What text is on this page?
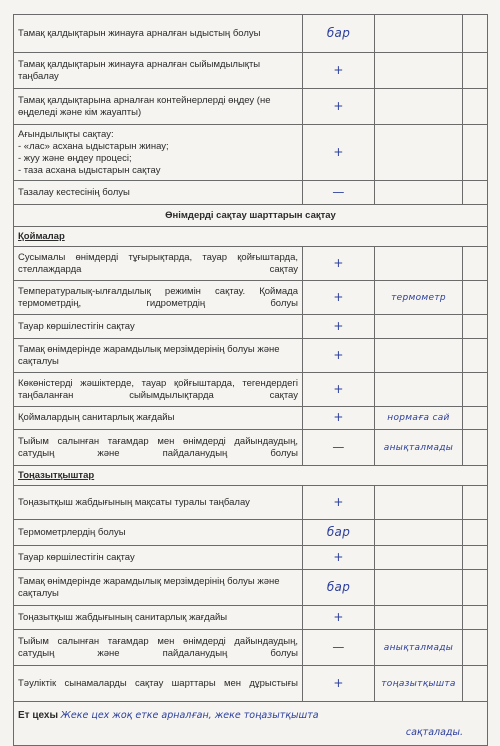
Тамақ қалдықтарын жинауға арналған ыдыстың болуы	бар		
Тамақ қалдықтарын жинауға арналған сыйымдылықты таңбалау	+		
Тамақ қалдықтарына арналған контейнерлерді өңдеу (не өңделеді және кім жауапты)	+		

Ағындылықты сақтау:
- «лас» асхана ыдыстарын жинау;
- жуу және өңдеу процесі;
- таза асхана ыдыстарын сақтау	+		
Тазалау кестесінің болуы	—		
Өнімдерді сақтау шарттарын сақтау			
Қоймалар			
Сусымалы өнімдерді тұғырықтарда, тауар қойғыштарда, стеллаждарда сақтау	+		
Температуралық-ылғалдылық режимін сақтау. Қоймада термометрдің, гидрометрдің болуы	+	термометр	
Тауар көршілестігін сақтау	+		
Тамақ өнімдерінде жарамдылық мерзімдерінің болуы және сақталуы	+		
Көкөністерді жәшіктерде, тауар қойғыштарда, тегендердегі таңбаланған сыйымдылықтарда сақтау	+		
Қоймалардың санитарлық жағдайы	+	нормаға сай	
Тыйым салынған тағамдар мен өнімдерді дайындаудың, сатудың және пайдаланудың болуы	—	анықталмады	
Тоңазытқыштар			
Тоңазытқыш жабдығының мақсаты туралы таңбалау	+		
Термометрлердің болуы	бар		
Тауар көршілестігін сақтау	+		
Тамақ өнімдерінде жарамдылық мерзімдерінің болуы және сақталуы	бар		
Тоңазытқыш жабдығының санитарлық жағдайы	+		
Тыйым салынған тағамдар мен өнімдерді дайындаудың, сатудың және пайдаланудың болуы	—	анықталмады	
Тәуліктік сынамаларды сақтау шарттары мен дұрыстығы	+	тоңазытқышта	
Ет цехы Жеке цех жоқ етке арналған, жеке тоңазытқышта
сақталады.			
